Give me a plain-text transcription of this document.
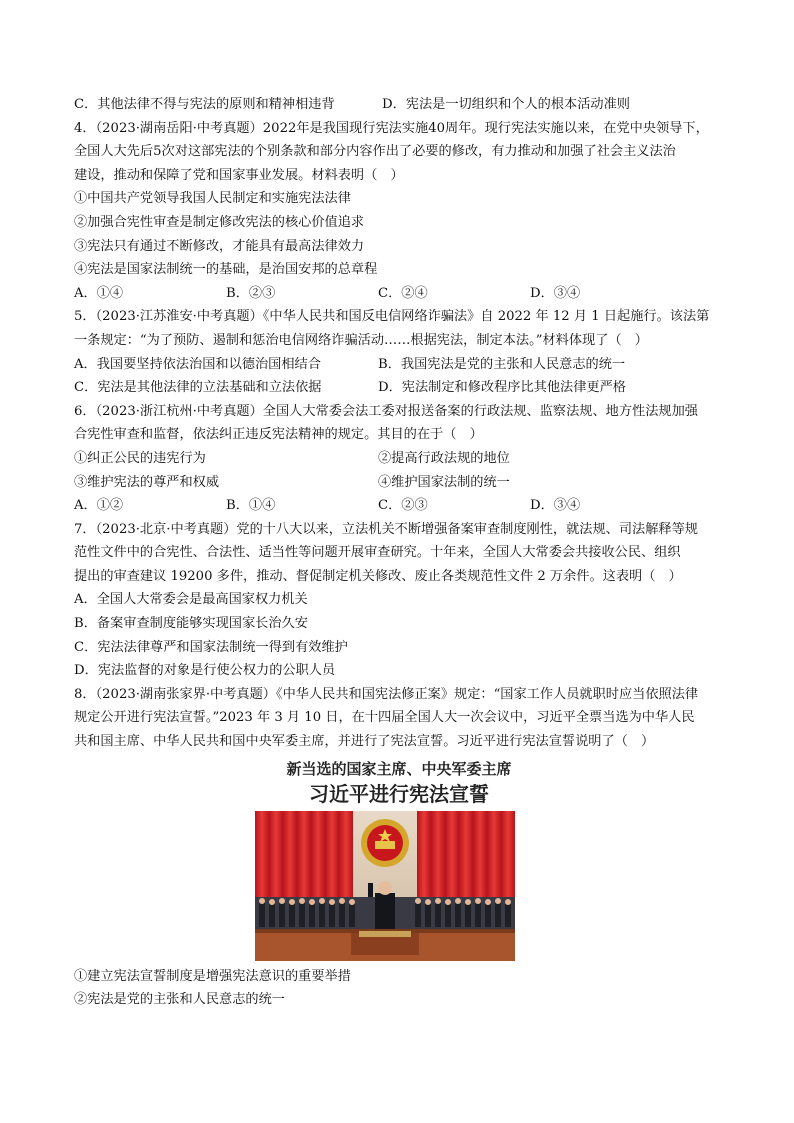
C．其他法律不得与宪法的原则和精神相违背	D．宪法是一切组织和个人的根本活动准则
4．（2023·湖南岳阳·中考真题）2022年是我国现行宪法实施40周年。现行宪法实施以来，在党中央领导下，
全国人大先后5次对这部宪法的个别条款和部分内容作出了必要的修改，有力推动和加强了社会主义法治
建设，推动和保障了党和国家事业发展。材料表明（　）
①中国共产党领导我国人民制定和实施宪法法律
②加强合宪性审查是制定修改宪法的核心价值追求
③宪法只有通过不断修改，才能具有最高法律效力
④宪法是国家法制统一的基础，是治国安邦的总章程
A．①④	B．②③	C．②④	D．③④
5．（2023·江苏淮安·中考真题）《中华人民共和国反电信网络诈骗法》自 2022 年 12 月 1 日起施行。该法第
一条规定：“为了预防、遏制和惩治电信网络诈骗活动……根据宪法，制定本法。”材料体现了（　）
A．我国要坚持依法治国和以德治国相结合	B．我国宪法是党的主张和人民意志的统一
C．宪法是其他法律的立法基础和立法依据	D．宪法制定和修改程序比其他法律更严格
6．（2023·浙江杭州·中考真题）全国人大常委会法工委对报送备案的行政法规、监察法规、地方性法规加强
合宪性审查和监督，依法纠正违反宪法精神的规定。其目的在于（　）
①纠正公民的违宪行为	②提高行政法规的地位
③维护宪法的尊严和权威	④维护国家法制的统一
A．①②	B．①④	C．②③	D．③④
7．（2023·北京·中考真题）党的十八大以来，立法机关不断增强备案审查制度刚性，就法规、司法解释等规
范性文件中的合宪性、合法性、适当性等问题开展审查研究。十年来，全国人大常委会共接收公民、组织
提出的审查建议 19200 多件，推动、督促制定机关修改、废止各类规范性文件 2 万余件。这表明（　）
A．全国人大常委会是最高国家权力机关
B．备案审查制度能够实现国家长治久安
C．宪法法律尊严和国家法制统一得到有效维护
D．宪法监督的对象是行使公权力的公职人员
8．（2023·湖南张家界·中考真题）《中华人民共和国宪法修正案》规定：“国家工作人员就职时应当依照法律
规定公开进行宪法宣誓。”2023 年 3 月 10 日，在十四届全国人大一次会议中，习近平全票当选为中华人民
共和国主席、中华人民共和国中央军委主席，并进行了宪法宣誓。习近平进行宪法宣誓说明了（　）
新当选的国家主席、中央军委主席
习近平进行宪法宣誓
①建立宪法宣誓制度是增强宪法意识的重要举措
②宪法是党的主张和人民意志的统一
